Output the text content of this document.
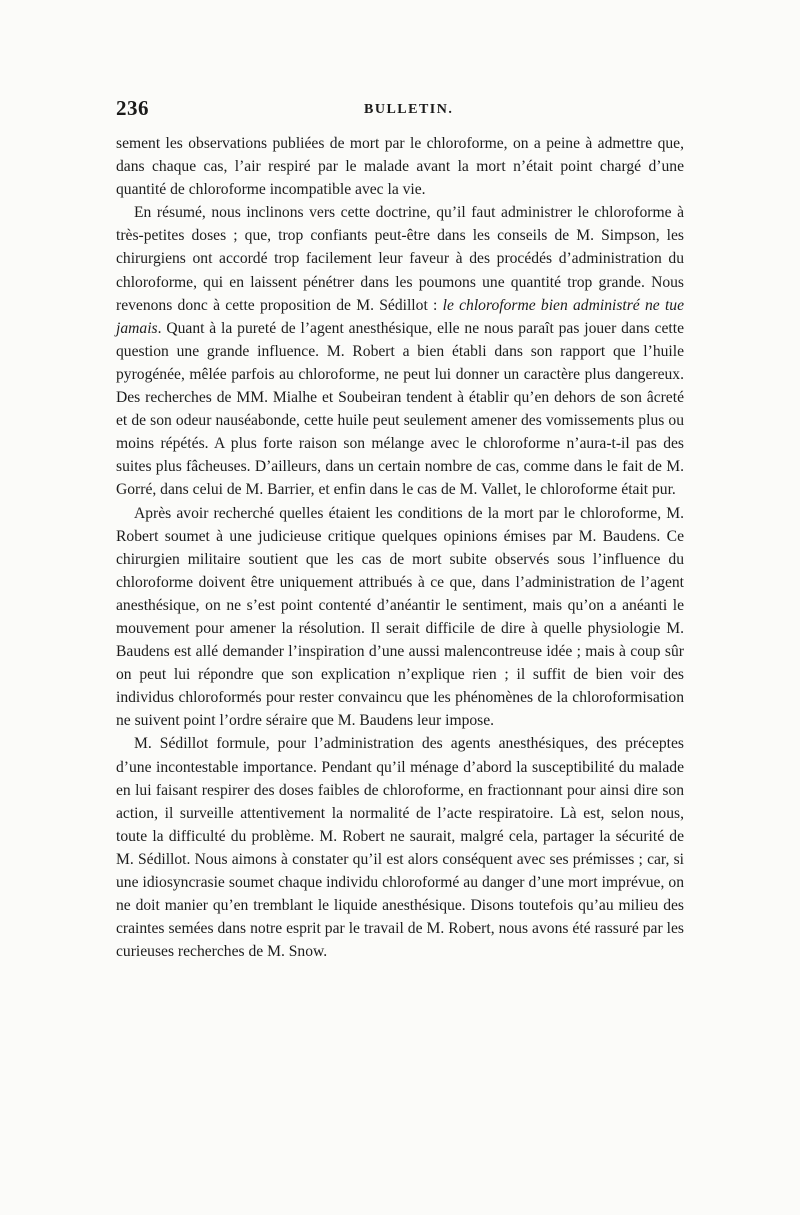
236	BULLETIN.

sement les observations publiées de mort par le chloroforme, on a peine à admettre que, dans chaque cas, l’air respiré par le malade avant la mort n’était point chargé d’une quantité de chloroforme incompatible avec la vie.

En résumé, nous inclinons vers cette doctrine, qu’il faut administrer le chloroforme à très-petites doses ; que, trop confiants peut-être dans les conseils de M. Simpson, les chirurgiens ont accordé trop facilement leur faveur à des procédés d’administration du chloroforme, qui en laissent pénétrer dans les poumons une quantité trop grande. Nous revenons donc à cette proposition de M. Sédillot : le chloroforme bien administré ne tue jamais. Quant à la pureté de l’agent anesthésique, elle ne nous paraît pas jouer dans cette question une grande influence. M. Robert a bien établi dans son rapport que l’huile pyrogénée, mêlée parfois au chloroforme, ne peut lui donner un caractère plus dangereux. Des recherches de MM. Mialhe et Soubeiran tendent à établir qu’en dehors de son âcreté et de son odeur nauséabonde, cette huile peut seulement amener des vomissements plus ou moins répétés. A plus forte raison son mélange avec le chloroforme n’aura-t-il pas des suites plus fâcheuses. D’ailleurs, dans un certain nombre de cas, comme dans le fait de M. Gorré, dans celui de M. Barrier, et enfin dans le cas de M. Vallet, le chloroforme était pur.

Après avoir recherché quelles étaient les conditions de la mort par le chloroforme, M. Robert soumet à une judicieuse critique quelques opinions émises par M. Baudens. Ce chirurgien militaire soutient que les cas de mort subite observés sous l’influence du chloroforme doivent être uniquement attribués à ce que, dans l’administration de l’agent anesthésique, on ne s’est point contenté d’anéantir le sentiment, mais qu’on a anéanti le mouvement pour amener la résolution. Il serait difficile de dire à quelle physiologie M. Baudens est allé demander l’inspiration d’une aussi malencontreuse idée ; mais à coup sûr on peut lui répondre que son explication n’explique rien ; il suffit de bien voir des individus chloroformés pour rester convaincu que les phénomènes de la chloroformisation ne suivent point l’ordre séraire que M. Baudens leur impose.

M. Sédillot formule, pour l’administration des agents anesthésiques, des préceptes d’une incontestable importance. Pendant qu’il ménage d’abord la susceptibilité du malade en lui faisant respirer des doses faibles de chloroforme, en fractionnant pour ainsi dire son action, il surveille attentivement la normalité de l’acte respiratoire. Là est, selon nous, toute la difficulté du problème. M. Robert ne saurait, malgré cela, partager la sécurité de M. Sédillot. Nous aimons à constater qu’il est alors conséquent avec ses prémisses ; car, si une idiosyncrasie soumet chaque individu chloroformé au danger d’une mort imprévue, on ne doit manier qu’en tremblant le liquide anesthésique. Disons toutefois qu’au milieu des craintes semées dans notre esprit par le travail de M. Robert, nous avons été rassuré par les curieuses recherches de M. Snow.
